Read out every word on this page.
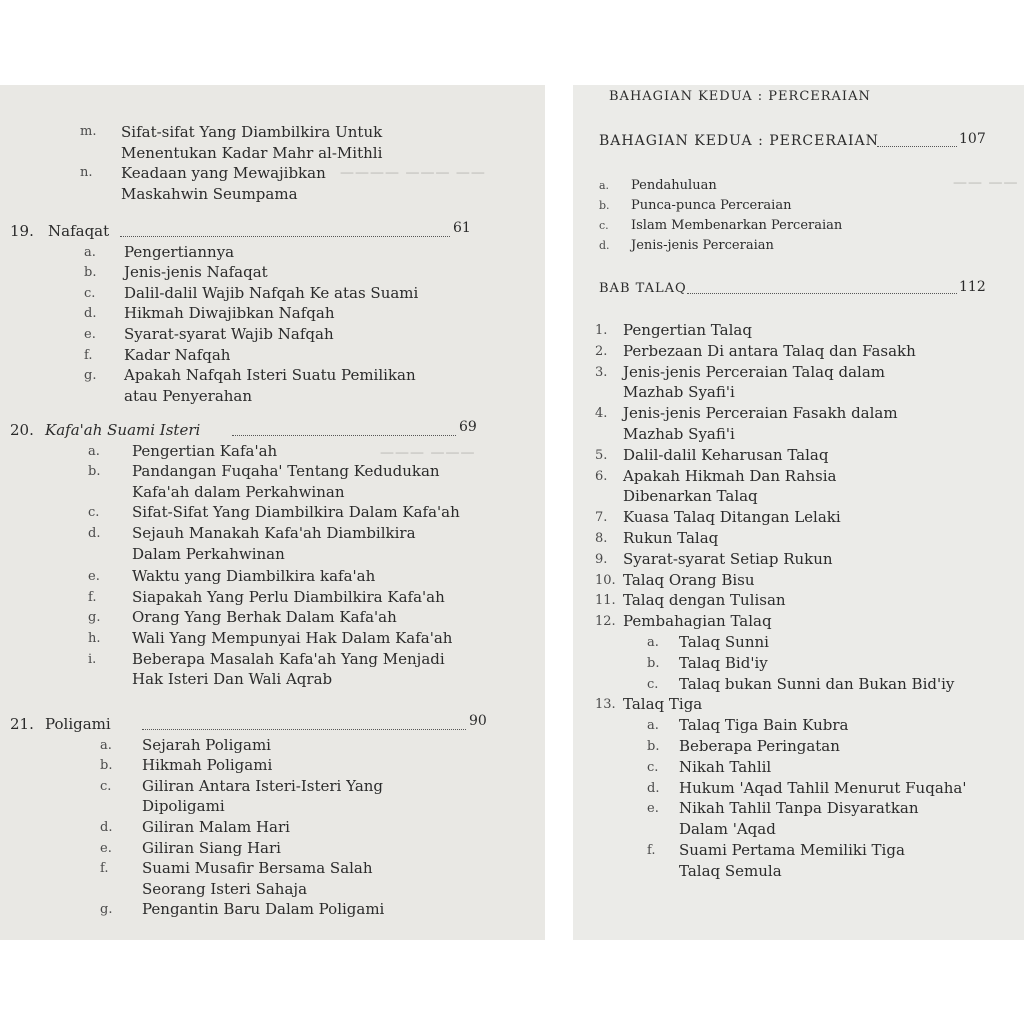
———— ——— ——
——— ———
m. Sifat-sifat Yang Diambilkira Untuk
Menentukan Kadar Mahr al-Mithli
n. Keadaan yang Mewajibkan
Maskahwin Seumpama
19. Nafaqat	61
a. Pengertiannya
b. Jenis-jenis Nafaqat
c. Dalil-dalil Wajib Nafqah Ke atas Suami
d. Hikmah Diwajibkan Nafqah
e. Syarat-syarat Wajib Nafqah
f. Kadar Nafqah
g. Apakah Nafqah Isteri Suatu Pemilikan
atau Penyerahan
20. Kafa'ah Suami Isteri	69
a. Pengertian Kafa'ah
b. Pandangan Fuqaha' Tentang Kedudukan
Kafa'ah dalam Perkahwinan
c. Sifat-Sifat Yang Diambilkira Dalam Kafa'ah
d. Sejauh Manakah Kafa'ah Diambilkira
Dalam Perkahwinan
e. Waktu yang Diambilkira kafa'ah
f. Siapakah Yang Perlu Diambilkira Kafa'ah
g. Orang Yang Berhak Dalam Kafa'ah
h. Wali Yang Mempunyai Hak Dalam Kafa'ah
i. Beberapa Masalah Kafa'ah Yang Menjadi
Hak Isteri Dan Wali Aqrab
21. Poligami	90
a. Sejarah Poligami
b. Hikmah Poligami
c. Giliran Antara Isteri-Isteri Yang
Dipoligami
d. Giliran Malam Hari
e. Giliran Siang Hari
f. Suami Musafir Bersama Salah
Seorang Isteri Sahaja
g. Pengantin Baru Dalam Poligami
—— ——
BAHAGIAN KEDUA : PERCERAIAN
BAHAGIAN KEDUA : PERCERAIAN	107
a. Pendahuluan
b. Punca-punca Perceraian
c. Islam Membenarkan Perceraian
d. Jenis-jenis Perceraian
BAB TALAQ	112
1. Pengertian Talaq
2. Perbezaan Di antara Talaq dan Fasakh
3. Jenis-jenis Perceraian Talaq dalam
Mazhab Syafi'i
4. Jenis-jenis Perceraian Fasakh dalam
Mazhab Syafi'i
5. Dalil-dalil Keharusan Talaq
6. Apakah Hikmah Dan Rahsia
Dibenarkan Talaq
7. Kuasa Talaq Ditangan Lelaki
8. Rukun Talaq
9. Syarat-syarat Setiap Rukun
10. Talaq Orang Bisu
11. Talaq dengan Tulisan
12. Pembahagian Talaq
a. Talaq Sunni
b. Talaq Bid'iy
c. Talaq bukan Sunni dan Bukan Bid'iy
13. Talaq Tiga
a. Talaq Tiga Bain Kubra
b. Beberapa Peringatan
c. Nikah Tahlil
d. Hukum 'Aqad Tahlil Menurut Fuqaha'
e. Nikah Tahlil Tanpa Disyaratkan
Dalam 'Aqad
f. Suami Pertama Memiliki Tiga
Talaq Semula
